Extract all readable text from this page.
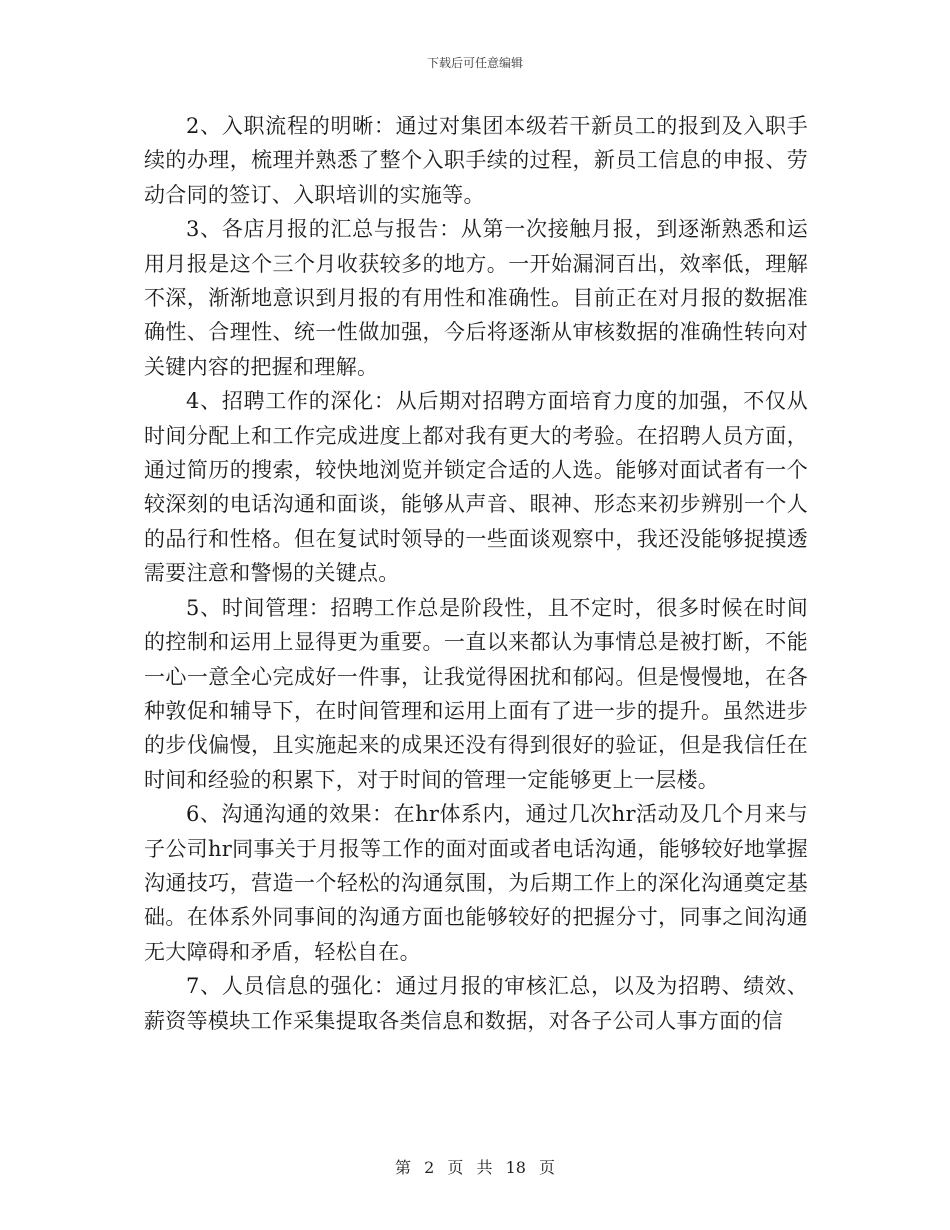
下载后可任意编辑

2、入职流程的明晰：通过对集团本级若干新员工的报到及入职手续的办理，梳理并熟悉了整个入职手续的过程，新员工信息的申报、劳动合同的签订、入职培训的实施等。

3、各店月报的汇总与报告：从第一次接触月报，到逐渐熟悉和运用月报是这个三个月收获较多的地方。一开始漏洞百出，效率低，理解不深，渐渐地意识到月报的有用性和准确性。目前正在对月报的数据准确性、合理性、统一性做加强，今后将逐渐从审核数据的准确性转向对关键内容的把握和理解。

4、招聘工作的深化：从后期对招聘方面培育力度的加强，不仅从时间分配上和工作完成进度上都对我有更大的考验。在招聘人员方面，通过简历的搜索，较快地浏览并锁定合适的人选。能够对面试者有一个较深刻的电话沟通和面谈，能够从声音、眼神、形态来初步辨别一个人的品行和性格。但在复试时领导的一些面谈观察中，我还没能够捉摸透需要注意和警惕的关键点。

5、时间管理：招聘工作总是阶段性，且不定时，很多时候在时间的控制和运用上显得更为重要。一直以来都认为事情总是被打断，不能一心一意全心完成好一件事，让我觉得困扰和郁闷。但是慢慢地，在各种敦促和辅导下，在时间管理和运用上面有了进一步的提升。虽然进步的步伐偏慢，且实施起来的成果还没有得到很好的验证，但是我信任在时间和经验的积累下，对于时间的管理一定能够更上一层楼。

6、沟通沟通的效果：在hr体系内，通过几次hr活动及几个月来与子公司hr同事关于月报等工作的面对面或者电话沟通，能够较好地掌握沟通技巧，营造一个轻松的沟通氛围，为后期工作上的深化沟通奠定基础。在体系外同事间的沟通方面也能够较好的把握分寸，同事之间沟通无大障碍和矛盾，轻松自在。

7、人员信息的强化：通过月报的审核汇总，以及为招聘、绩效、薪资等模块工作采集提取各类信息和数据，对各子公司人事方面的信

第 2 页 共 18 页
